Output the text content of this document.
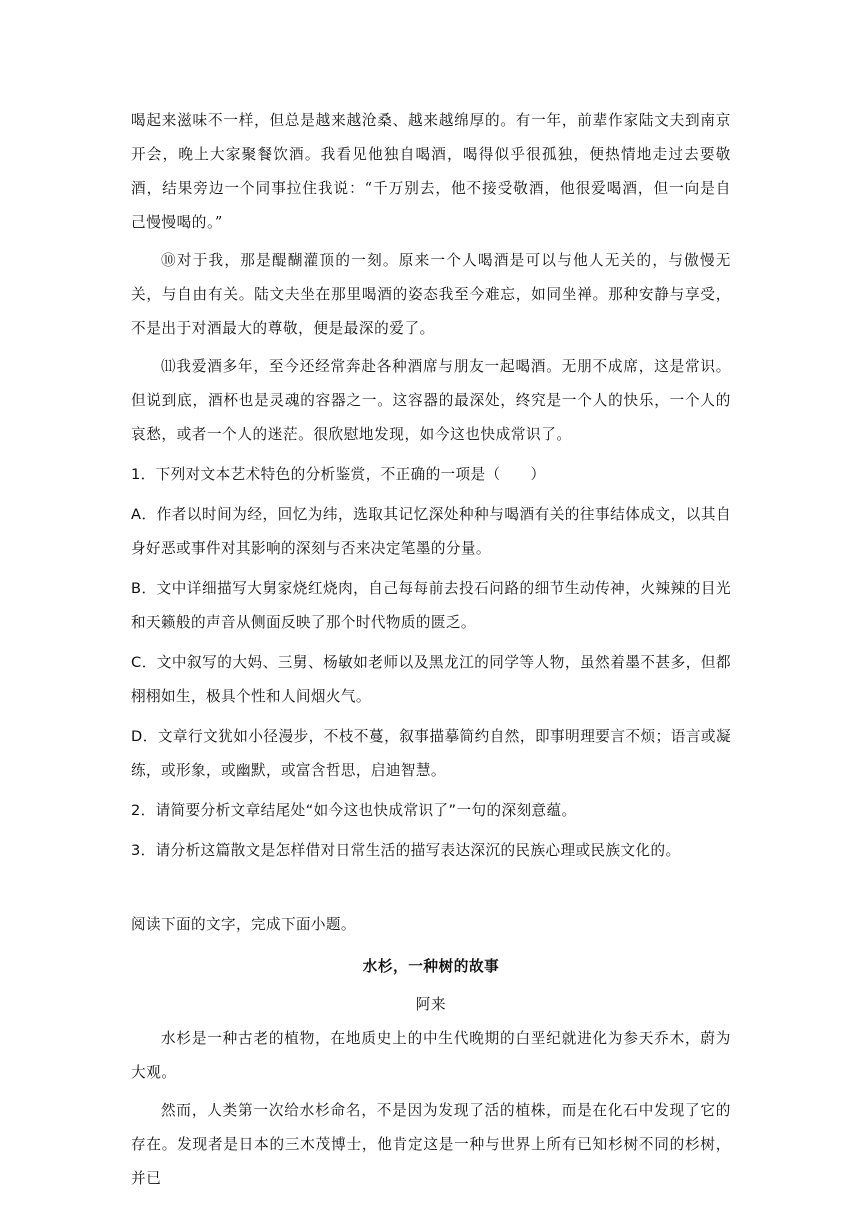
喝起来滋味不一样，但总是越来越沧桑、越来越绵厚的。有一年，前辈作家陆文夫到南京开会，晚上大家聚餐饮酒。我看见他独自喝酒，喝得似乎很孤独，便热情地走过去要敬酒，结果旁边一个同事拉住我说：“千万别去，他不接受敬酒，他很爱喝酒，但一向是自己慢慢喝的。”

⑩对于我，那是醍醐灌顶的一刻。原来一个人喝酒是可以与他人无关的，与傲慢无关，与自由有关。陆文夫坐在那里喝酒的姿态我至今难忘，如同坐禅。那种安静与享受，不是出于对酒最大的尊敬，便是最深的爱了。

⑾我爱酒多年，至今还经常奔赴各种酒席与朋友一起喝酒。无朋不成席，这是常识。但说到底，酒杯也是灵魂的容器之一。这容器的最深处，终究是一个人的快乐，一个人的哀愁，或者一个人的迷茫。很欣慰地发现，如今这也快成常识了。

1．下列对文本艺术特色的分析鉴赏，不正确的一项是（　　）

A．作者以时间为经，回忆为纬，选取其记忆深处种种与喝酒有关的往事结体成文，以其自身好恶或事件对其影响的深刻与否来决定笔墨的分量。

B．文中详细描写大舅家烧红烧肉，自己每每前去投石问路的细节生动传神，火辣辣的目光和天籁般的声音从侧面反映了那个时代物质的匮乏。

C．文中叙写的大妈、三舅、杨敏如老师以及黑龙江的同学等人物，虽然着墨不甚多，但都栩栩如生，极具个性和人间烟火气。

D．文章行文犹如小径漫步，不枝不蔓，叙事描摹简约自然，即事明理要言不烦；语言或凝练，或形象，或幽默，或富含哲思，启迪智慧。

2．请简要分析文章结尾处“如今这也快成常识了”一句的深刻意蕴。

3．请分析这篇散文是怎样借对日常生活的描写表达深沉的民族心理或民族文化的。

阅读下面的文字，完成下面小题。

水杉，一种树的故事

阿来

水杉是一种古老的植物，在地质史上的中生代晚期的白垩纪就进化为参天乔木，蔚为大观。

然而，人类第一次给水杉命名，不是因为发现了活的植株，而是在化石中发现了它的存在。发现者是日本的三木茂博士，他肯定这是一种与世界上所有已知杉树不同的杉树，并已
